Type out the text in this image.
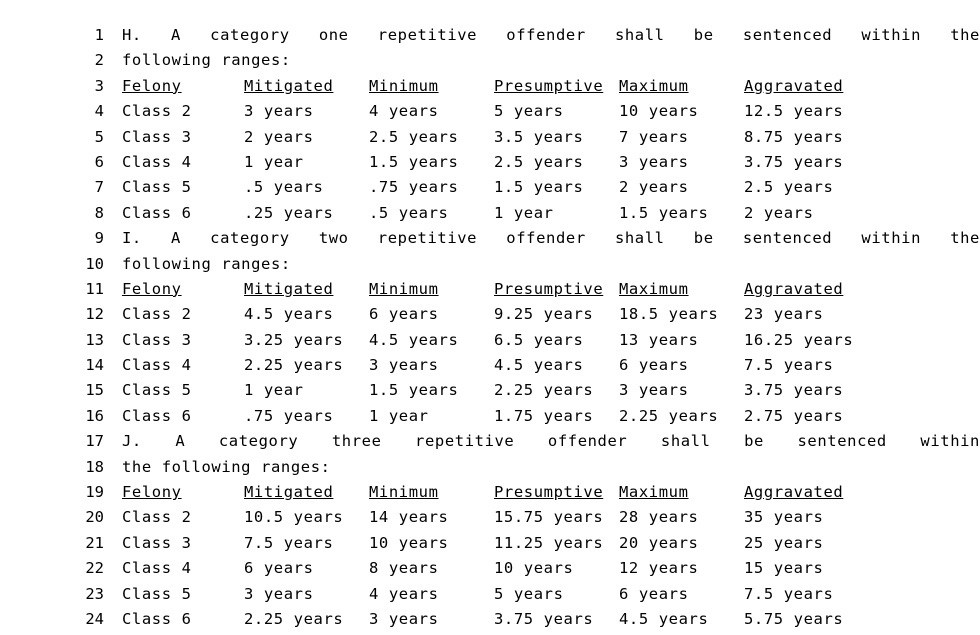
1	H. A category one repetitive offender shall be sentenced within the
2	following ranges:
3	Felony	Mitigated	Minimum	Presumptive	Maximum	Aggravated
4	Class 2	3 years	4 years	5 years	10 years	12.5 years
5	Class 3	2 years	2.5 years	3.5 years	7 years	8.75 years
6	Class 4	1 year	1.5 years	2.5 years	3 years	3.75 years
7	Class 5	.5 years	.75 years	1.5 years	2 years	2.5 years
8	Class 6	.25 years	.5 years	1 year	1.5 years	2 years
9	I. A category two repetitive offender shall be sentenced within the
10	following ranges:
11	Felony	Mitigated	Minimum	Presumptive	Maximum	Aggravated
12	Class 2	4.5 years	6 years	9.25 years	18.5 years	23 years
13	Class 3	3.25 years	4.5 years	6.5 years	13 years	16.25 years
14	Class 4	2.25 years	3 years	4.5 years	6 years	7.5 years
15	Class 5	1 year	1.5 years	2.25 years	3 years	3.75 years
16	Class 6	.75 years	1 year	1.75 years	2.25 years	2.75 years
17	J. A category three repetitive offender shall be sentenced within
18	the following ranges:
19	Felony	Mitigated	Minimum	Presumptive	Maximum	Aggravated
20	Class 2	10.5 years	14 years	15.75 years	28 years	35 years
21	Class 3	7.5 years	10 years	11.25 years	20 years	25 years
22	Class 4	6 years	8 years	10 years	12 years	15 years
23	Class 5	3 years	4 years	5 years	6 years	7.5 years
24	Class 6	2.25 years	3 years	3.75 years	4.5 years	5.75 years
